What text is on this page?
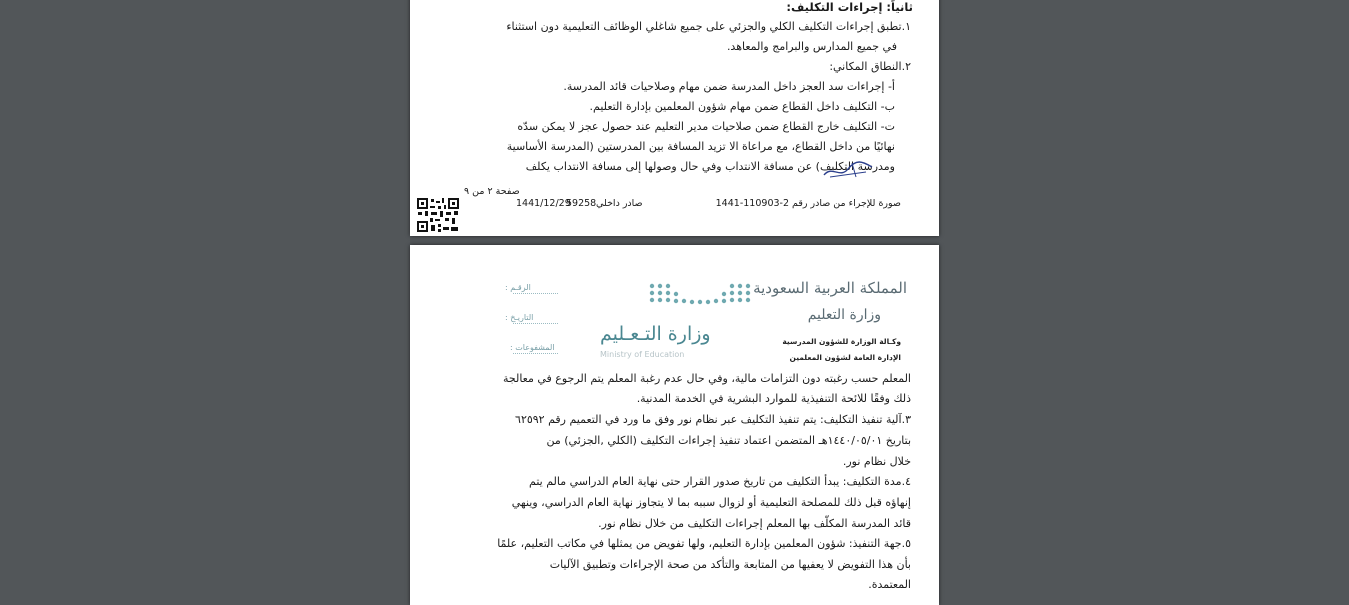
ثانياً: إجراءات التكليف:
١.تطبق إجراءات التكليف الكلي والجزئي على جميع شاغلي الوظائف التعليمية دون استثناء
في جميع المدارس والبرامج والمعاهد.
٢.النطاق المكاني:
أ- إجراءات سد العجز داخل المدرسة ضمن مهام وصلاحيات قائد المدرسة.
ب- التكليف داخل القطاع ضمن مهام شؤون المعلمين بإدارة التعليم.
ت- التكليف خارج القطاع ضمن صلاحيات مدير التعليم عند حصول عجز لا يمكن سدّه
نهائيًا من داخل القطاع، مع مراعاة الا تزيد المسافة بين المدرستين (المدرسة الأساسية
ومدرسة التكليف) عن مسافة الانتداب وفي حال وصولها إلى مسافة الانتداب يكلف
صفحة ٢ من ٩
صورة للإجراء من صادر رقم 2-110903-1441
صادر داخلي
59258
1441/12/29
المملكة العربية السعودية
وزارة التعليم
وكـالة الوزارة للشؤون المدرسية
الإدارة العامة لشؤون المعلمين
وزارة التـعـليم
Ministry of Education
الرقـم :
التاريـخ :
المشفوعات :
المعلم حسب رغبته دون التزامات مالية، وفي حال عدم رغبة المعلم يتم الرجوع في معالجة
ذلك وفقًا للائحة التنفيذية للموارد البشرية في الخدمة المدنية.
٣.آلية تنفيذ التكليف: يتم تنفيذ التكليف عبر نظام نور وفق ما ورد في التعميم رقم ٦٢٥٩٢
بتاريخ ١٤٤٠/٠٥/٠١هـ المتضمن اعتماد تنفيذ إجراءات التكليف (الكلي ,الجزئي) من
خلال نظام نور.
٤.مدة التكليف: يبدأ التكليف من تاريخ صدور القرار حتى نهاية العام الدراسي مالم يتم
إنهاؤه قبل ذلك للمصلحة التعليمية أو لزوال سببه بما لا يتجاوز نهاية العام الدراسي، وينهي
قائد المدرسة المكلّف بها المعلم إجراءات التكليف من خلال نظام نور.
٥.جهة التنفيذ: شؤون المعلمين بإدارة التعليم، ولها تفويض من يمثلها في مكاتب التعليم، علمًا
بأن هذا التفويض لا يعفيها من المتابعة والتأكد من صحة الإجراءات وتطبيق الآليات
المعتمدة.
